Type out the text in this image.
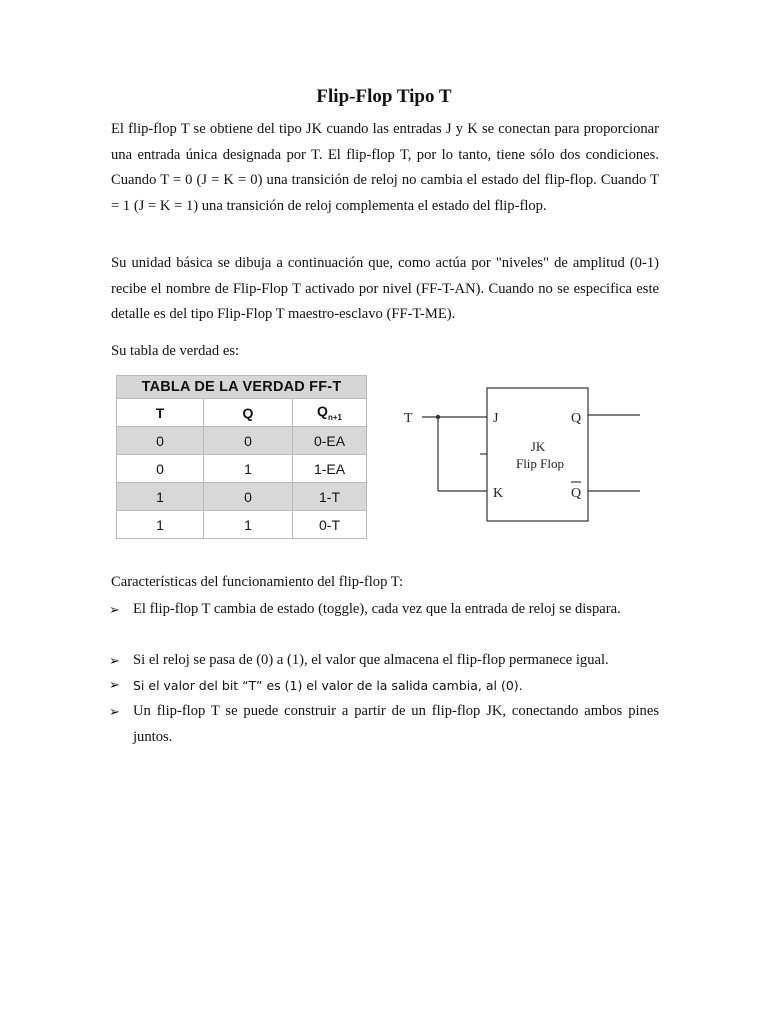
Flip-Flop Tipo T

El flip-flop T se obtiene del tipo JK cuando las entradas J y K se conectan para proporcionar una entrada única designada por T. El flip-flop T, por lo tanto, tiene sólo dos condiciones. Cuando T = 0 (J = K = 0) una transición de reloj no cambia el estado del flip-flop. Cuando T = 1 (J = K = 1) una transición de reloj complementa el estado del flip-flop.

Su unidad básica se dibuja a continuación que, como actúa por "niveles" de amplitud (0-1) recibe el nombre de Flip-Flop T activado por nivel (FF-T-AN). Cuando no se especifica este detalle es del tipo Flip-Flop T maestro-esclavo (FF-T-ME).

Su tabla de verdad es:

TABLA DE LA VERDAD FF-T		
T	Q	$Q_{n+1}$
0	0	0-EA
0	1	1-EA
1	0	1-T
1	1	0-T
T	J
K
Q
Q
JK
Flip Flop

Características del funcionamiento del flip-flop T:

➢ El flip-flop T cambia de estado (toggle), cada vez que la entrada de reloj se dispara.
➢ Si el reloj se pasa de (0) a (1), el valor que almacena el flip-flop permanece igual.
➢ Si el valor del bit “T” es (1) el valor de la salida cambia, al (0).
➢ Un flip-flop T se puede construir a partir de un flip-flop JK, conectando ambos pines juntos.
